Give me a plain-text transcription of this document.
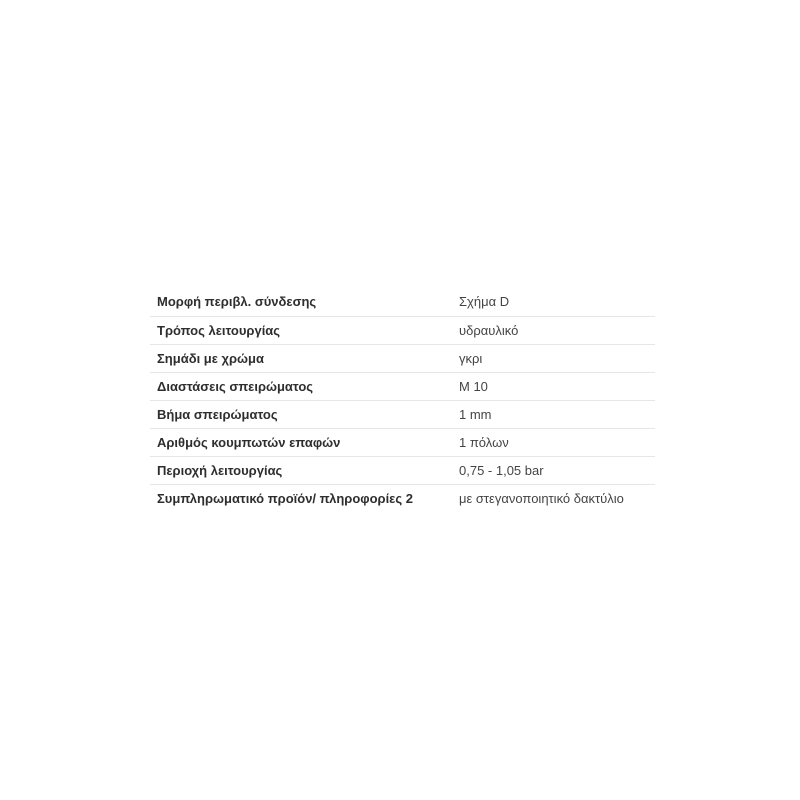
Μορφή περιβλ. σύνδεσης	Σχήμα D
Τρόπος λειτουργίας	υδραυλικό
Σημάδι με χρώμα	γκρι
Διαστάσεις σπειρώματος	M 10
Βήμα σπειρώματος	1 mm
Αριθμός κουμπωτών επαφών	1 πόλων
Περιοχή λειτουργίας	0,75 - 1,05 bar
Συμπληρωματικό προϊόν/ πληροφορίες 2	με στεγανοποιητικό δακτύλιο
